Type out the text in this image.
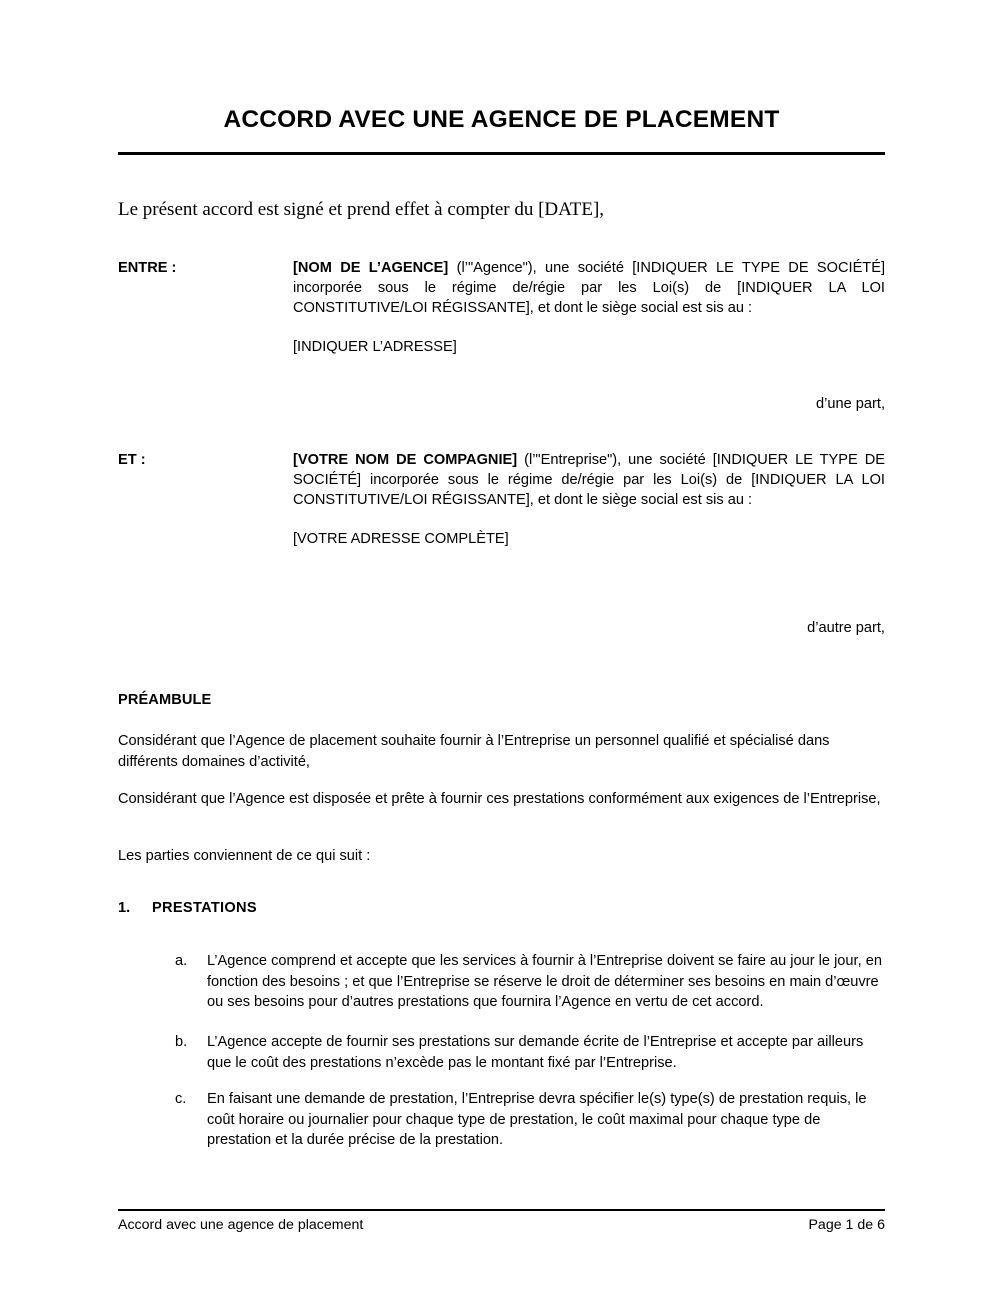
ACCORD AVEC UNE AGENCE DE PLACEMENT
Le présent accord est signé et prend effet à compter du [DATE],
ENTRE :	[NOM DE L’AGENCE] (l’"Agence"), une société [INDIQUER LE TYPE DE SOCIÉTÉ] incorporée sous le régime de/régie par les Loi(s) de [INDIQUER LA LOI CONSTITUTIVE/LOI RÉGISSANTE], et dont le siège social est sis au :
[INDIQUER L’ADRESSE]
d’une part,
ET :	[VOTRE NOM DE COMPAGNIE] (l’"Entreprise"), une société [INDIQUER LE TYPE DE SOCIÉTÉ] incorporée sous le régime de/régie par les Loi(s) de [INDIQUER LA LOI CONSTITUTIVE/LOI RÉGISSANTE], et dont le siège social est sis au :
[VOTRE ADRESSE COMPLÈTE]
d’autre part,
PRÉAMBULE
Considérant que l’Agence de placement souhaite fournir à l’Entreprise un personnel qualifié et spécialisé dans différents domaines d’activité,
Considérant que l’Agence est disposée et prête à fournir ces prestations conformément aux exigences de l’Entreprise,
Les parties conviennent de ce qui suit :
1. PRESTATIONS
a.	L’Agence comprend et accepte que les services à fournir à l’Entreprise doivent se faire au jour le jour, en fonction des besoins ; et que l’Entreprise se réserve le droit de déterminer ses besoins en main d’œuvre ou ses besoins pour d’autres prestations que fournira l’Agence en vertu de cet accord.
b.	L’Agence accepte de fournir ses prestations sur demande écrite de l’Entreprise et accepte par ailleurs que le coût des prestations n’excède pas le montant fixé par l’Entreprise.
c.	En faisant une demande de prestation, l’Entreprise devra spécifier le(s) type(s) de prestation requis, le coût horaire ou journalier pour chaque type de prestation, le coût maximal pour chaque type de prestation et la durée précise de la prestation.
Accord avec une agence de placement	Page 1 de 6
